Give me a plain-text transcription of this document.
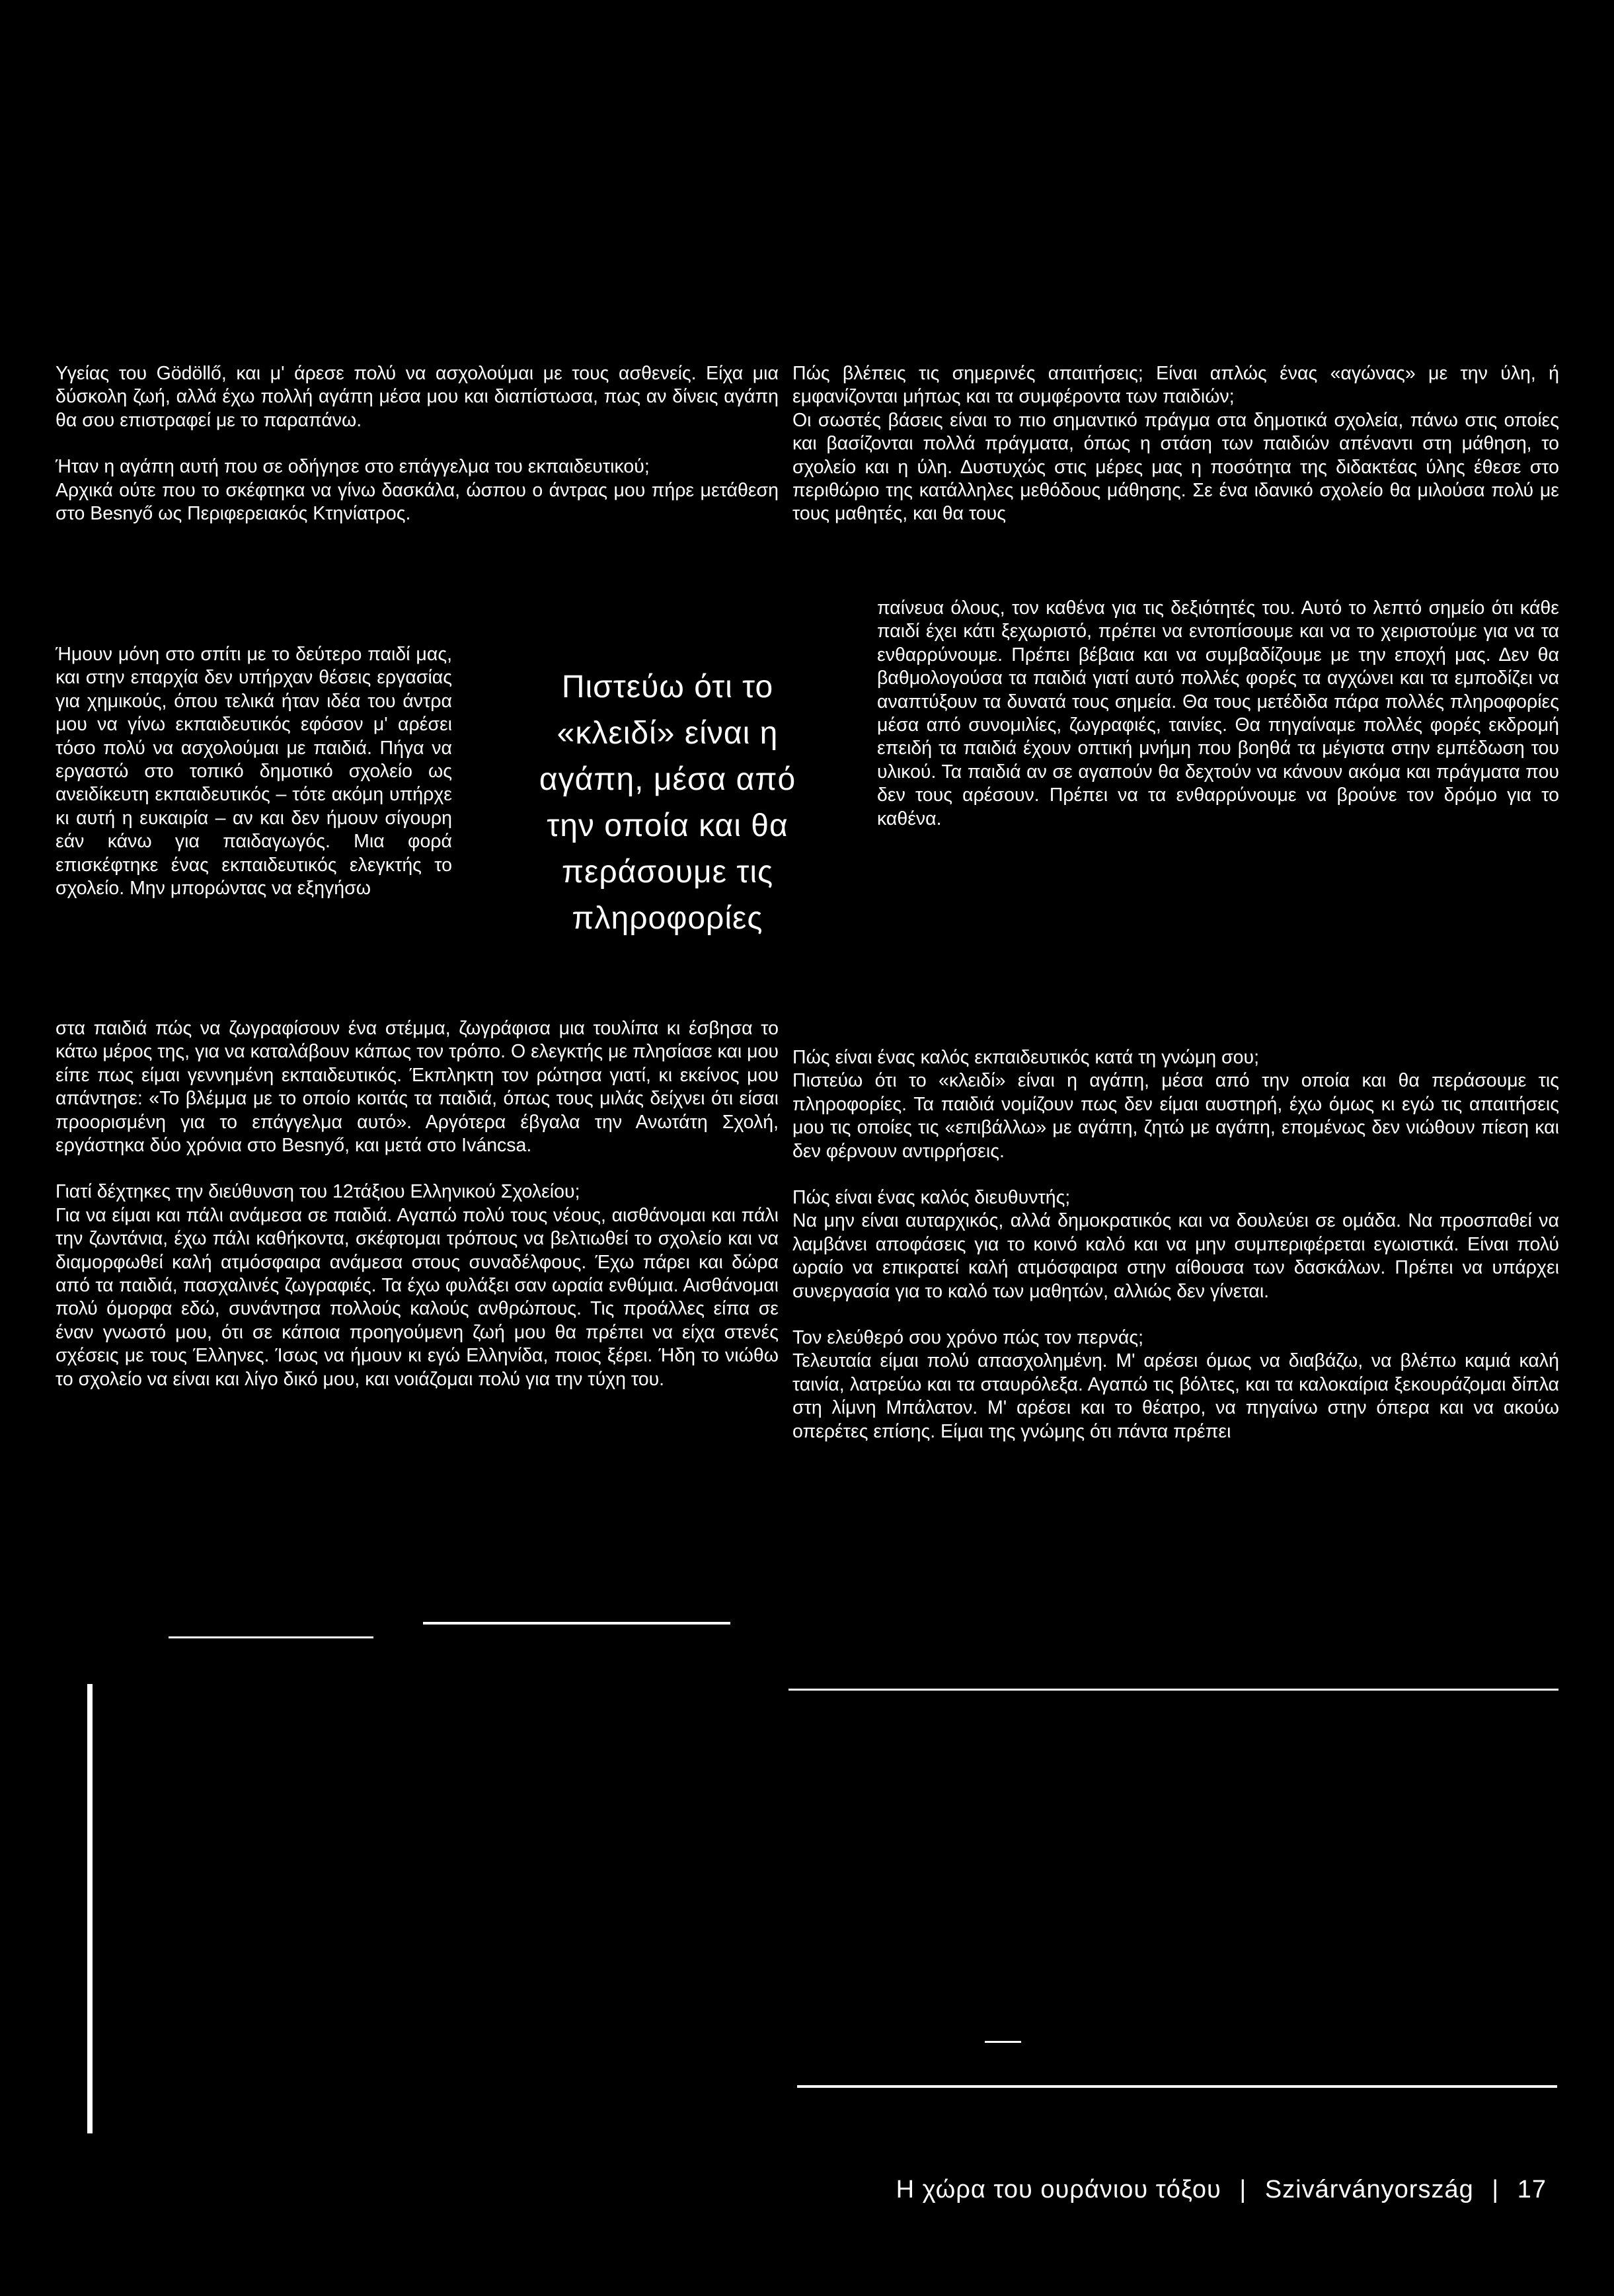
Υγείας του Gödöllő, και μ' άρεσε πολύ να ασχολούμαι με τους ασθενείς. Είχα μια δύσκολη ζωή, αλλά έχω πολλή αγάπη μέσα μου και διαπίστωσα, πως αν δίνεις αγάπη θα σου επιστραφεί με το παραπάνω.

Ήταν η αγάπη αυτή που σε οδήγησε στο επάγγελμα του εκπαιδευτικού;

Αρχικά ούτε που το σκέφτηκα να γίνω δασκάλα, ώσπου ο άντρας μου πήρε μετάθεση στο Besnyő ως Περιφερειακός Κτηνίατρος.

Ήμουν μόνη στο σπίτι με το δεύτερο παιδί μας, και στην επαρχία δεν υπήρχαν θέσεις εργασίας για χημικούς, όπου τελικά ήταν ιδέα του άντρα μου να γίνω εκπαιδευτικός εφόσον μ' αρέσει τόσο πολύ να ασχολούμαι με παιδιά. Πήγα να εργαστώ στο τοπικό δημοτικό σχολείο ως ανειδίκευτη εκπαιδευτικός – τότε ακόμη υπήρχε κι αυτή η ευκαιρία – αν και δεν ήμουν σίγουρη εάν κάνω για παιδαγωγός. Μια φορά επισκέφτηκε ένας εκπαιδευτικός ελεγκτής το σχολείο. Μην μπορώντας να εξηγήσω

Πιστεύω ότι το
«κλειδί» είναι η
αγάπη, μέσα από
την οποία και θα
περάσουμε τις
πληροφορίες

στα παιδιά πώς να ζωγραφίσουν ένα στέμμα, ζωγράφισα μια τουλίπα κι έσβησα το κάτω μέρος της, για να καταλάβουν κάπως τον τρόπο. Ο ελεγκτής με πλησίασε και μου είπε πως είμαι γεννημένη εκπαιδευτικός. Έκπληκτη τον ρώτησα γιατί, κι εκείνος μου απάντησε: «Το βλέμμα με το οποίο κοιτάς τα παιδιά, όπως τους μιλάς δείχνει ότι είσαι προορισμένη για το επάγγελμα αυτό». Αργότερα έβγαλα την Ανωτάτη Σχολή, εργάστηκα δύο χρόνια στο Besnyő, και μετά στο Iváncsa.

Γιατί δέχτηκες την διεύθυνση του 12τάξιου Ελληνικού Σχολείου;

Για να είμαι και πάλι ανάμεσα σε παιδιά. Αγαπώ πολύ τους νέους, αισθάνομαι και πάλι την ζωντάνια, έχω πάλι καθήκοντα, σκέφτομαι τρόπους να βελτιωθεί το σχολείο και να διαμορφωθεί καλή ατμόσφαιρα ανάμεσα στους συναδέλφους. Έχω πάρει και δώρα από τα παιδιά, πασχαλινές ζωγραφιές. Τα έχω φυλάξει σαν ωραία ενθύμια. Αισθάνομαι πολύ όμορφα εδώ, συνάντησα πολλούς καλούς ανθρώπους. Τις προάλλες είπα σε έναν γνωστό μου, ότι σε κάποια προηγούμενη ζωή μου θα πρέπει να είχα στενές σχέσεις με τους Έλληνες. Ίσως να ήμουν κι εγώ Ελληνίδα, ποιος ξέρει. Ήδη το νιώθω το σχολείο να είναι και λίγο δικό μου, και νοιάζομαι πολύ για την τύχη του.

Πώς βλέπεις τις σημερινές απαιτήσεις; Είναι απλώς ένας «αγώνας» με την ύλη, ή εμφανίζονται μήπως και τα συμφέροντα των παιδιών;

Οι σωστές βάσεις είναι το πιο σημαντικό πράγμα στα δημοτικά σχολεία, πάνω στις οποίες και βασίζονται πολλά πράγματα, όπως η στάση των παιδιών απέναντι στη μάθηση, το σχολείο και η ύλη. Δυστυχώς στις μέρες μας η ποσότητα της διδακτέας ύλης έθεσε στο περιθώριο της κατάλληλες μεθόδους μάθησης. Σε ένα ιδανικό σχολείο θα μιλούσα πολύ με τους μαθητές, και θα τους

παίνευα όλους, τον καθένα για τις δεξιότητές του. Αυτό το λεπτό σημείο ότι κάθε παιδί έχει κάτι ξεχωριστό, πρέπει να εντοπίσουμε και να το χειριστούμε για να τα ενθαρρύνουμε. Πρέπει βέβαια και να συμβαδίζουμε με την εποχή μας. Δεν θα βαθμολογούσα τα παιδιά γιατί αυτό πολλές φορές τα αγχώνει και τα εμποδίζει να αναπτύξουν τα δυνατά τους σημεία. Θα τους μετέδιδα πάρα πολλές πληροφορίες μέσα από συνομιλίες, ζωγραφιές, ταινίες. Θα πηγαίναμε πολλές φορές εκδρομή επειδή τα παιδιά έχουν οπτική μνήμη που βοηθά τα μέγιστα στην εμπέδωση του υλικού. Τα παιδιά αν σε αγαπούν θα δεχτούν να κάνουν ακόμα και πράγματα που δεν τους αρέσουν. Πρέπει να τα ενθαρρύνουμε να βρούνε τον δρόμο για το καθένα.

Πώς είναι ένας καλός εκπαιδευτικός κατά τη γνώμη σου;

Πιστεύω ότι το «κλειδί» είναι η αγάπη, μέσα από την οποία και θα περάσουμε τις πληροφορίες. Τα παιδιά νομίζουν πως δεν είμαι αυστηρή, έχω όμως κι εγώ τις απαιτήσεις μου τις οποίες τις «επιβάλλω» με αγάπη, ζητώ με αγάπη, επομένως δεν νιώθουν πίεση και δεν φέρνουν αντιρρήσεις.

Πώς είναι ένας καλός διευθυντής;

Να μην είναι αυταρχικός, αλλά δημοκρατικός και να δουλεύει σε ομάδα. Να προσπαθεί να λαμβάνει αποφάσεις για το κοινό καλό και να μην συμπεριφέρεται εγωιστικά. Είναι πολύ ωραίο να επικρατεί καλή ατμόσφαιρα στην αίθουσα των δασκάλων. Πρέπει να υπάρχει συνεργασία για το καλό των μαθητών, αλλιώς δεν γίνεται.

Τον ελεύθερό σου χρόνο πώς τον περνάς;

Τελευταία είμαι πολύ απασχολημένη. Μ' αρέσει όμως να διαβάζω, να βλέπω καμιά καλή ταινία, λατρεύω και τα σταυρόλεξα. Αγαπώ τις βόλτες, και τα καλοκαίρια ξεκουράζομαι δίπλα στη λίμνη Μπάλατον. Μ' αρέσει και το θέατρο, να πηγαίνω στην όπερα και να ακούω οπερέτες επίσης. Είμαι της γνώμης ότι πάντα πρέπει

Η χώρα του ουράνιου τόξου | Szivárványország | 17
